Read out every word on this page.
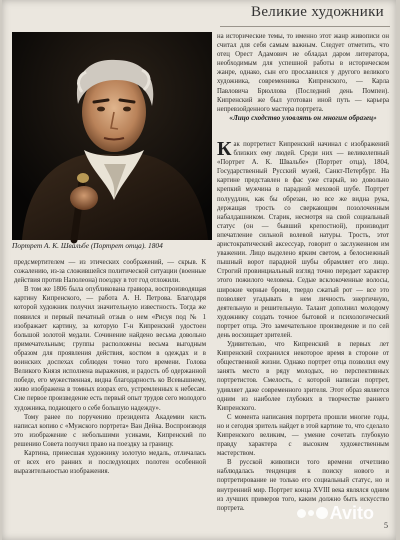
Великие художники
Портрет А. К. Швальбе (Портрет отца). 1804

на исторические темы, то именно этот жанр живописи он считал для себя самым важным. Следует отметить, что отец Орест Адамович не обладал даром литератора, необходимым для успешной работы в историческом жанре, однако, сын его прославился у другого великого художника, современника Кипренского, — Карла Павловича Брюллова (Последний день Помпеи). Кипренский же был уготован иной путь — карьера непревзойденного мастера портрета.

«Лицо сходство уловлять он многим образец»

Как портретист Кипренский начинал с изображений близких ему людей. Среди них — великолепный «Портрет А. К. Швальбе» (Портрет отца), 1804, Государственный Русский музей, Санкт-Петербург. На картине представлен в фас уже старый, но довольно крепкий мужчина в парадной меховой шубе. Портрет полуудлин, как бы обрезан, но все же видна рука, держащая трость со сверкающим позолоченным набалдашником. Старик, несмотря на свой социальный статус (он — бывший крепостной), производит впечатление сильной волевой натуры. Трость, этот аристократический аксессуар, говорит о заслуженном им уважении. Лицо выделено ярким светом, а белоснежный пышный ворот парадной шубы обрамляет его лицо. Строгий провинциальный взгляд точно передает характер этого пожилого человека. Седые всклокоченные волосы, широкие черные брови, твердо сжатый рот — все это позволяет угадывать в нем личность энергичную, деятельную и решительную. Талант дополнил молодому художнику создать точное бытовой и психологический портрет отца. Это замечательное произведение и по сей день восхищает зрителей.

Удивительно, что Кипренский в первых лет Кипренский сохранился некоторое время в стороне от общественной жизни. Однако портрет отца позволил ему занять место в ряду молодых, но перспективных портретистов. Смелость, с которой написан портрет, удивляет даже современного зрителя. Этот образ является одним из наиболее глубоких в творчестве раннего Кипренского.

С момента написания портрета прошли многие годы, но и сегодня зритель найдет в этой картине то, что сделало Кипренского великим, — умение сочетать глубокую правду характера с высоким художественным мастерством.

В русской живописи того времени отчетливо наблюдалась тенденция к поиску нового и портретирование не только его социальный статус, но и внутренний мир. Портрет конца XVIII века являлся одним из лучших примеров того, каким должно быть искусство портрета.

предсмертителем — из этических соображений, — скрыв. К сожалению, из-за сложившейся политической ситуации (военные действия против Наполеона) поездку в тот год отложили.

В том же 1806 была опубликована гравюра, воспроизводящая картину Кипренского, — работа А. Н. Петрова. Благодаря которой художник получил значительную известность. Тогда же появился и первый печатный отзыв о нем «Рисуя под № 1 изображает картину, за которую Г-н Кипренский удостоен большой золотой медали. Сочинение найдено весьма довольно примечательным; группы расположены весьма выгодным образом для проявления действия, костюм в одеждах и в воинских доспехах соблюден точно того времени. Голова Великого Князя исполнена выражения, и радость об одержанной победе, его мужественная, видна благодарность ко Всевышнему, живо изображена в томных взорах его, устремленных к небесам. Сие первое произведение есть первый опыт трудов сего молодого художника, подающего о себе большую надежду».

Тому ранее по поручению президента Академии кисть написал копию с «Мужского портрета» Ван Дейка. Воспроизводя это изображение с небольшими усиками, Кипренский по решению Совета получил право на поездку за границу.

Картина, принесшая художнику золотую медаль, отличалась от всех его ранних и последующих полотен особенной выразительностью изображения.

5
Avito
